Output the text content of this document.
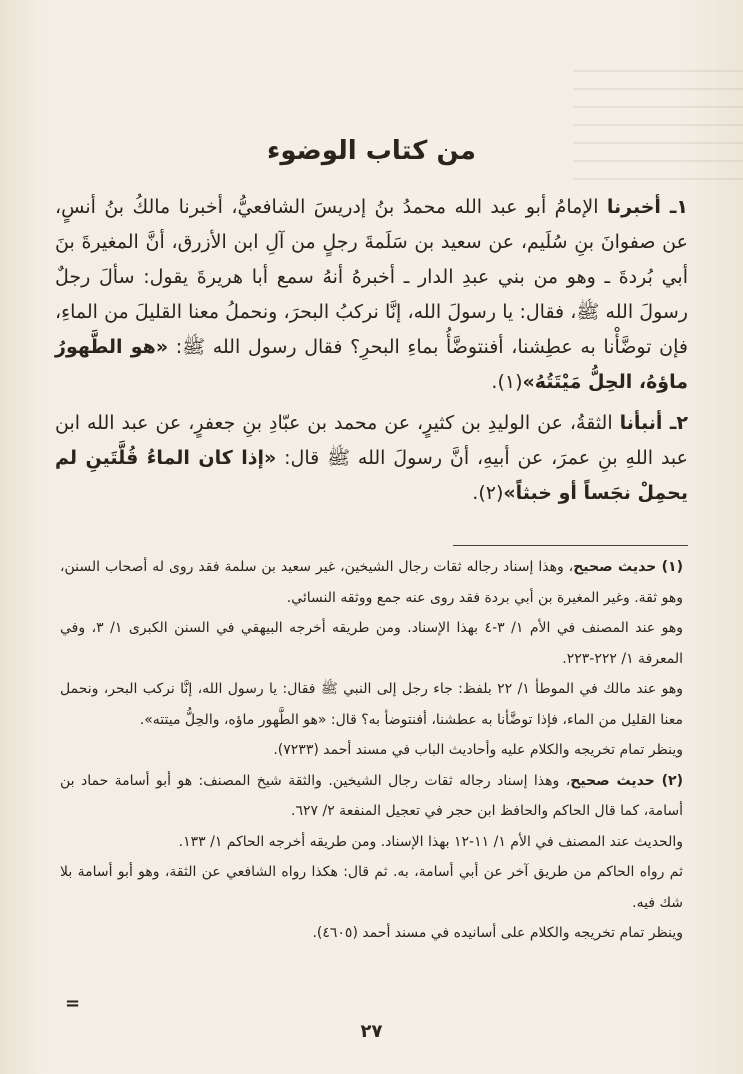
من كتاب الوضوء

١ـ أخبرنا الإمامُ أبو عبد الله محمدُ بنُ إدريسَ الشافعيُّ، أخبرنا مالكُ بنُ أنسٍ، عن صفوانَ بنِ سُلَيم، عن سعيد بن سَلَمةَ رجلٍ من آلِ ابن الأزرق، أنَّ المغيرةَ بنَ أبي بُردةَ ـ وهو من بني عبدِ الدار ـ أخبرهُ أنهُ سمع أبا هريرةَ يقول: سألَ رجلٌ رسولَ الله ﷺ، فقال: يا رسولَ الله، إنَّا نركبُ البحرَ، ونحملُ معنا القليلَ من الماءِ، فإن توضَّأْنا به عطِشنا، أفنتوضَّأُ بماءِ البحرِ؟ فقال رسول الله ﷺ: «هو الطَّهورُ ماؤهُ، الحِلُّ مَيْتَتُهُ»(١).

٢ـ أنبأنا الثقةُ، عن الوليدِ بن كثيرٍ، عن محمد بن عبّادِ بنِ جعفرٍ، عن عبد الله ابن عبد اللهِ بنِ عمرَ، عن أبيهِ، أنَّ رسولَ الله ﷺ قال: «إذا كان الماءُ قُلَّتَينِ لم يحمِلْ نجَساً أو خبثاً»(٢).

(١) حديث صحيح، وهذا إسناد رجاله ثقات رجال الشيخين، غير سعيد بن سلمة فقد روى له أصحاب السنن، وهو ثقة. وغير المغيرة بن أبي بردة فقد روى عنه جمع ووثقه النسائي.

وهو عند المصنف في الأم ١/ ٣-٤ بهذا الإسناد. ومن طريقه أخرجه البيهقي في السنن الكبرى ١/ ٣، وفي المعرفة ١/ ٢٢٢-٢٢٣.

وهو عند مالك في الموطأ ١/ ٢٢ بلفظ: جاء رجل إلى النبي ﷺ فقال: يا رسول الله، إنَّا نركب البحر، ونحمل معنا القليل من الماء، فإذا توضَّأنا به عطشنا، أفنتوضأ به؟ قال: «هو الطَّهور ماؤه، والحِلُّ ميتته».

وينظر تمام تخريجه والكلام عليه وأحاديث الباب في مسند أحمد (٧٢٣٣).

(٢) حديث صحيح، وهذا إسناد رجاله ثقات رجال الشيخين. والثقة شيخ المصنف: هو أبو أسامة حماد بن أسامة، كما قال الحاكم والحافظ ابن حجر في تعجيل المنفعة ٢/ ٦٢٧.

والحديث عند المصنف في الأم ١/ ١١-١٢ بهذا الإسناد. ومن طريقه أخرجه الحاكم ١/ ١٣٣.

ثم رواه الحاكم من طريق آخر عن أبي أسامة، به. ثم قال: هكذا رواه الشافعي عن الثقة، وهو أبو أسامة بلا شك فيه.

وينظر تمام تخريجه والكلام على أسانيده في مسند أحمد (٤٦٠٥).

=
٢٧
